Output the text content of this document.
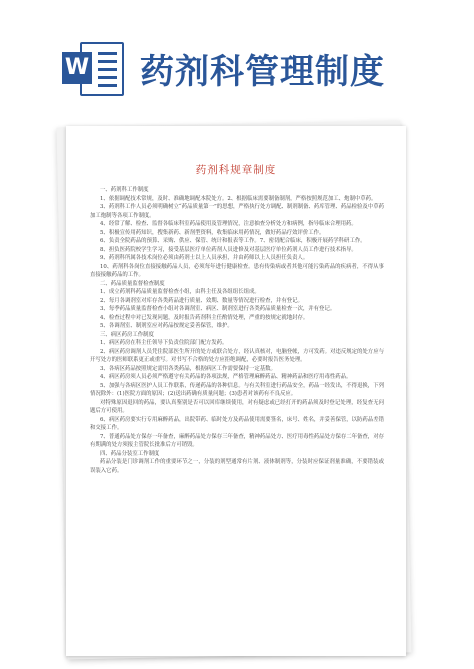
W 药剂科管理制度
药剂科规章制度
一、药剂科工作制度
1、依据调配技术常规，及时、准确地调配本院处方。2、根据临床需要制备制剂，严格按照规范加工、炮制中草药。
3、药剂科工作人员必须明确树立“药品质量第一”的思想，严格执行处方调配、制剂制备、药库管理、药品检验及中草药加工炮制等各项工作制度。
4、经常了解、检查、监督各临床科室药品使用及管理情况，注意抽查分析处方和病例，指导临床合理用药。
5、积极宣传用药知识，搜集新药、新剂型资料，收集临床用药情况，做好药品疗效评价工作。
6、负责全院药品的预算、采购、供应、保管、统计和报表等工作。7、密切配合临床，积极开展药学科研工作。
8、担负医药院校学生学习，接受基层医疗单位药剂人员进修及对基层医疗单位药剂人员工作进行技术指导。
9、药剂科所属各技术岗位必须由药剂士以上人员承担，并由药师以上人员担任负责人。
10、药剂科各岗位直接接触药品人员，必须每年进行健康检查。患有传染病或者其他可能污染药品的疾病者，不得从事直接接触药品的工作。
二、药品质量监督检查制度
1、成立药剂科药品质量监督检查小组，由科主任及各组组长组成。
2、每月各调剂室对库存各类药品进行质量、效期、数量等情况进行检查，并有登记。
3、每季药品质量监督检查小组对各调剂室、病区、制剂室进行各类药品质量检查一次，并有登记。
4、检查过程中对已发现问题，及时报告药剂科主任酌情处理，严重的按规定就地封存。
5、各调剂室、制剂室应对药品按规定妥善保管，维护。
三、病区药房工作制度
1、病区药房在科主任领导下负责住院部门配方发药。
2、病区药房调剂人员凭住院部医生所开的处方或联合处方，经认真核对，电脑登帐，方可发药。对违反规定的处方应与开写处方的医师联系更正或重写。对书写不合格的处方应拒绝调配，必要时报告医务处理。
3、各病区药品按照规定需用各类药品，根据病区工作需要保持一定基数。
4、病区药房须人员必须严格遵守有关药品的各项法规，严格管理麻醉药品、精神药品和医疗用毒性药品。
5、加强与各病区医护人员工作联系，传递药品的各种信息。与有关科室进行药品安全，药品一经发出，不得退换，下列情况除外：(1)医院方面的原因；(2)送出药确有质量问题；(3)患者对该药有不良反应。
对特殊原因退回的药品，要认真鉴别是否可以回库继续使用，对有疑虑或已经打开的药品须及时登记处理，经复查无问题后方可使用。
6、病区药房要实行专用麻醉药品，出院带药、临时处方及药品使用需要签名，床号、姓名，并妥善保管，以防药品差错和交接工作。
7、普通药品处方保存一年备查，麻醉药品处方保存三年备查，精神药品处方、医疗用毒性药品处方保存二年备查，对存有期满的处方须报主管院长批准后方可销毁。
四、药品分装室工作制度
药品分装是门诊调剂工作的重要环节之一，分装的剂型通常有片剂、液体制剂等，分装时应保证剂量准确，不要错装或误装入它药。
